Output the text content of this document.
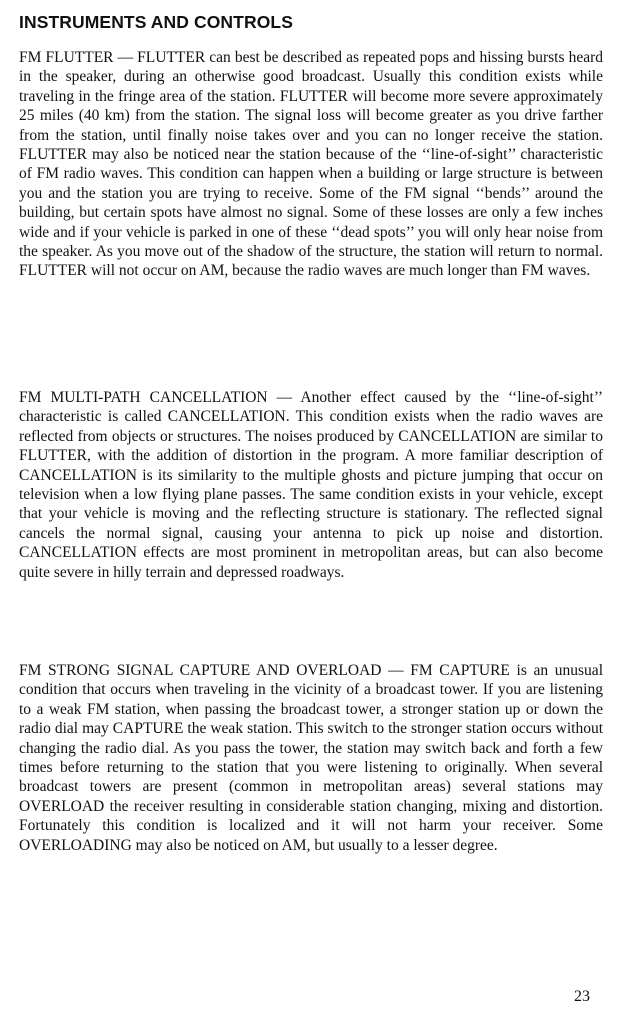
INSTRUMENTS AND CONTROLS

FM FLUTTER — FLUTTER can best be described as repeated pops and hissing bursts heard in the speaker, during an otherwise good broadcast. Usually this condition exists while traveling in the fringe area of the station. FLUTTER will become more severe approximately 25 miles (40 km) from the station. The signal loss will become greater as you drive farther from the station, until finally noise takes over and you can no longer receive the station. FLUTTER may also be noticed near the station because of the ‘‘line-of-sight’’ characteristic of FM radio waves. This condition can happen when a building or large structure is between you and the station you are trying to receive. Some of the FM signal ‘‘bends’’ around the building, but certain spots have almost no signal. Some of these losses are only a few inches wide and if your vehicle is parked in one of these ‘‘dead spots’’ you will only hear noise from the speaker. As you move out of the shadow of the structure, the station will return to normal. FLUTTER will not occur on AM, because the radio waves are much longer than FM waves.

FM MULTI-PATH CANCELLATION — Another effect caused by the ‘‘line-of-sight’’ characteristic is called CANCELLATION. This condition exists when the radio waves are reflected from objects or structures. The noises produced by CANCELLATION are similar to FLUTTER, with the addition of distortion in the program. A more familiar description of CANCELLATION is its similarity to the multiple ghosts and picture jumping that occur on television when a low flying plane passes. The same condition exists in your vehicle, except that your vehicle is moving and the reflecting structure is stationary. The reflected signal cancels the normal signal, causing your antenna to pick up noise and distortion. CANCELLATION effects are most prominent in metropolitan areas, but can also become quite severe in hilly terrain and depressed roadways.

FM STRONG SIGNAL CAPTURE AND OVERLOAD — FM CAPTURE is an unusual condition that occurs when traveling in the vicinity of a broadcast tower. If you are listening to a weak FM station, when passing the broadcast tower, a stronger station up or down the radio dial may CAPTURE the weak station. This switch to the stronger station occurs without changing the radio dial. As you pass the tower, the station may switch back and forth a few times before returning to the station that you were listening to originally. When several broadcast towers are present (common in metropolitan areas) several stations may OVERLOAD the receiver resulting in considerable station changing, mixing and distortion. Fortunately this condition is localized and it will not harm your receiver. Some OVERLOADING may also be noticed on AM, but usually to a lesser degree.

23
